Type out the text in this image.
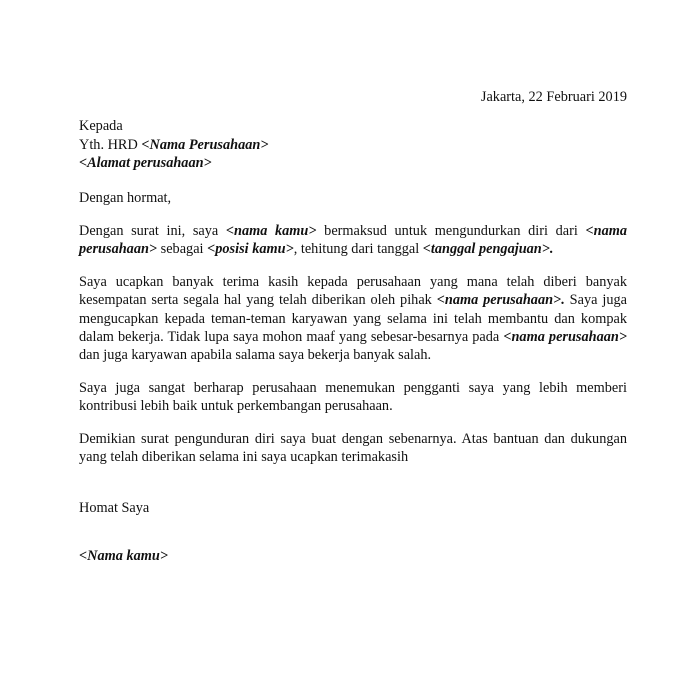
Jakarta, 22 Februari 2019

Kepada

Yth. HRD <Nama Perusahaan>

<Alamat perusahaan>

Dengan hormat,

Dengan surat ini, saya <nama kamu> bermaksud untuk mengundurkan diri dari <nama perusahaan> sebagai <posisi kamu>, tehitung dari tanggal <tanggal pengajuan>.

Saya ucapkan banyak terima kasih kepada perusahaan yang mana telah diberi banyak kesempatan serta segala hal yang telah diberikan oleh pihak <nama perusahaan>. Saya juga mengucapkan kepada teman-teman karyawan yang selama ini telah membantu dan kompak dalam bekerja. Tidak lupa saya mohon maaf yang sebesar-besarnya pada <nama perusahaan> dan juga karyawan apabila salama saya bekerja banyak salah.

Saya juga sangat berharap perusahaan menemukan pengganti saya yang lebih memberi kontribusi lebih baik untuk perkembangan perusahaan.

Demikian surat pengunduran diri saya buat dengan sebenarnya. Atas bantuan dan dukungan yang telah diberikan selama ini saya ucapkan terimakasih

Homat Saya

<Nama kamu>
